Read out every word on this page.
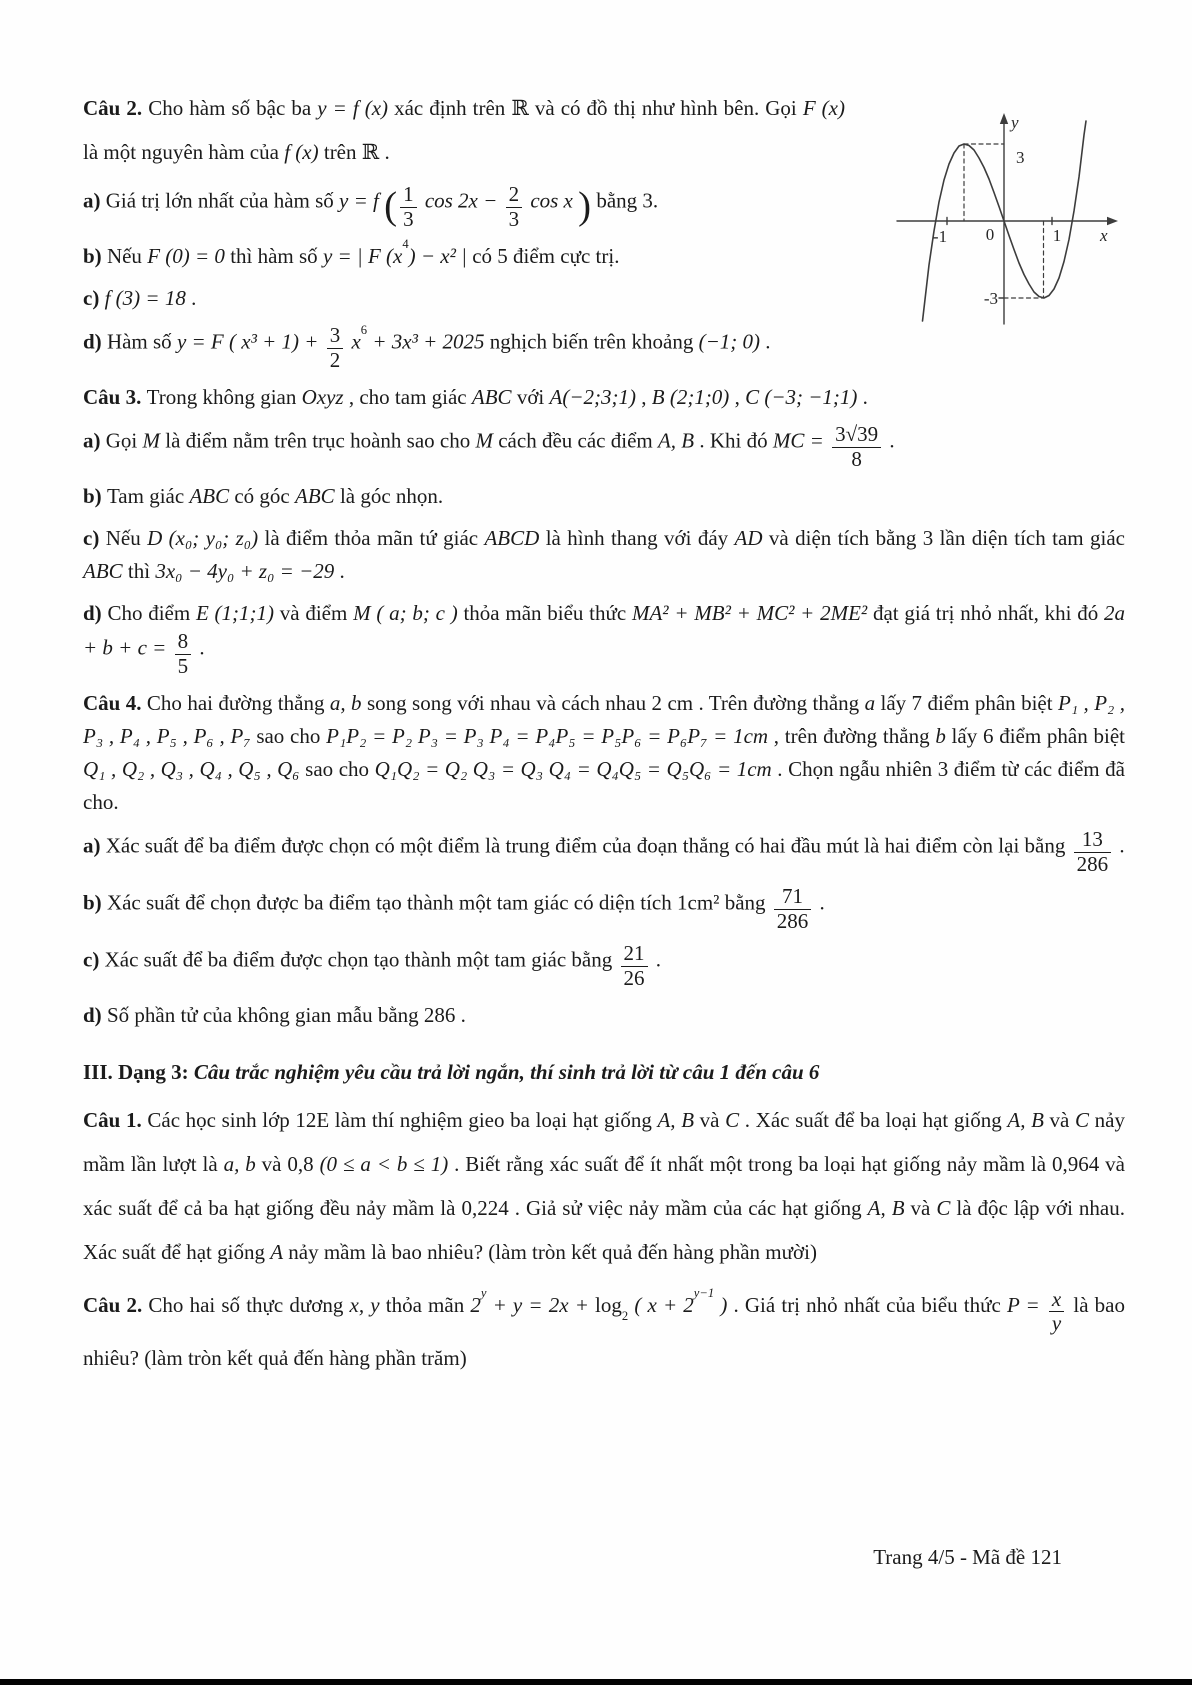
y
x
3
-3
-1 0	1

Câu 2. Cho hàm số bậc ba y = f (x) xác định trên ℝ và có đồ thị như hình bên. Gọi F (x) là một nguyên hàm của f (x) trên ℝ .

a) Giá trị lớn nhất của hàm số y = f ( $\frac{1}{3}$ $\cos 2x - \frac{2}{3}$ cos x ) bằng 3.

b) Nếu F (0) = 0 thì hàm số y = | F $(x^4) - x^2$ | có 5 điểm cực trị.

c) f (3) = 18 .

d) Hàm số y = F ( $x^3 + 1) + \frac{3}{2} x^6 + 3x^3 + 2025$ nghịch biến trên khoảng (−1; 0) .

Câu 3. Trong không gian Oxyz , cho tam giác ABC với A(−2;3;1) , B (2;1;0) , C (−3; −1;1) .

a) Gọi M là điểm nằm trên trục hoành sao cho M cách đều các điểm A, B . Khi đó MC = $\frac{3√39}{8}$ .

b) Tam giác ABC có góc ABC là góc nhọn.

c) Nếu D (x₀; y₀; z₀) là điểm thỏa mãn tứ giác ABCD là hình thang với đáy AD và diện tích bằng 3 lần diện tích tam giác ABC thì 3x₀ − 4y₀ + z₀ = −29 .

d) Cho điểm E (1;1;1) và điểm M ( a; b; c ) thỏa mãn biểu thức MA² + MB² + MC² + 2ME² đạt giá trị nhỏ nhất, khi đó $2a + b + c = \frac{8}{5}$ .

Câu 4. Cho hai đường thẳng a, b song song với nhau và cách nhau 2 cm . Trên đường thẳng a lấy 7 điểm phân biệt P₁ , P₂ , P₃ , P₄ , P₅ , P₆ , P₇ sao cho P₁P₂ = P₂ P₃ = P₃ P₄ = P₄P₅ = P₅P₆ = P₆P₇ = 1cm , trên đường thẳng b lấy 6 điểm phân biệt Q₁ , Q₂ , Q₃ , Q₄ , Q₅ , Q₆ sao cho Q₁Q₂ = Q₂ Q₃ = Q₃ Q₄ = Q₄Q₅ = Q₅Q₆ = 1cm . Chọn ngẫu nhiên 3 điểm từ các điểm đã cho.

a) Xác suất để ba điểm được chọn có một điểm là trung điểm của đoạn thẳng có hai đầu mút là hai điểm còn lại bằng $\frac{13}{286}$ .

b) Xác suất để chọn được ba điểm tạo thành một tam giác có diện tích 1cm² bằng $\frac{71}{286}$ .

c) Xác suất để ba điểm được chọn tạo thành một tam giác bằng $\frac{21}{26}$ .

d) Số phần tử của không gian mẫu bằng 286 .

III. Dạng 3: Câu trắc nghiệm yêu cầu trả lời ngắn, thí sinh trả lời từ câu 1 đến câu 6

Câu 1. Các học sinh lớp 12E làm thí nghiệm gieo ba loại hạt giống A, B và C . Xác suất để ba loại hạt giống A, B và C nảy mầm lần lượt là a, b và 0,8 (0 ≤ a < b ≤ 1) . Biết rằng xác suất để ít nhất một trong ba loại hạt giống nảy mầm là 0,964 và xác suất để cả ba hạt giống đều nảy mầm là 0,224 . Giả sử việc nảy mầm của các hạt giống A, B và C là độc lập với nhau. Xác suất để hạt giống A nảy mầm là bao nhiêu? (làm tròn kết quả đến hàng phần mười)

Câu 2. Cho hai số thực dương x, y thỏa mãn $2^y + y = 2x + \log_2$ ( $x + 2^{y-1}$ ) . Giá trị nhỏ nhất của biểu thức $P = \frac{x}{y}$ là bao nhiêu? (làm tròn kết quả đến hàng phần trăm)

Trang 4/5 - Mã đề 121
